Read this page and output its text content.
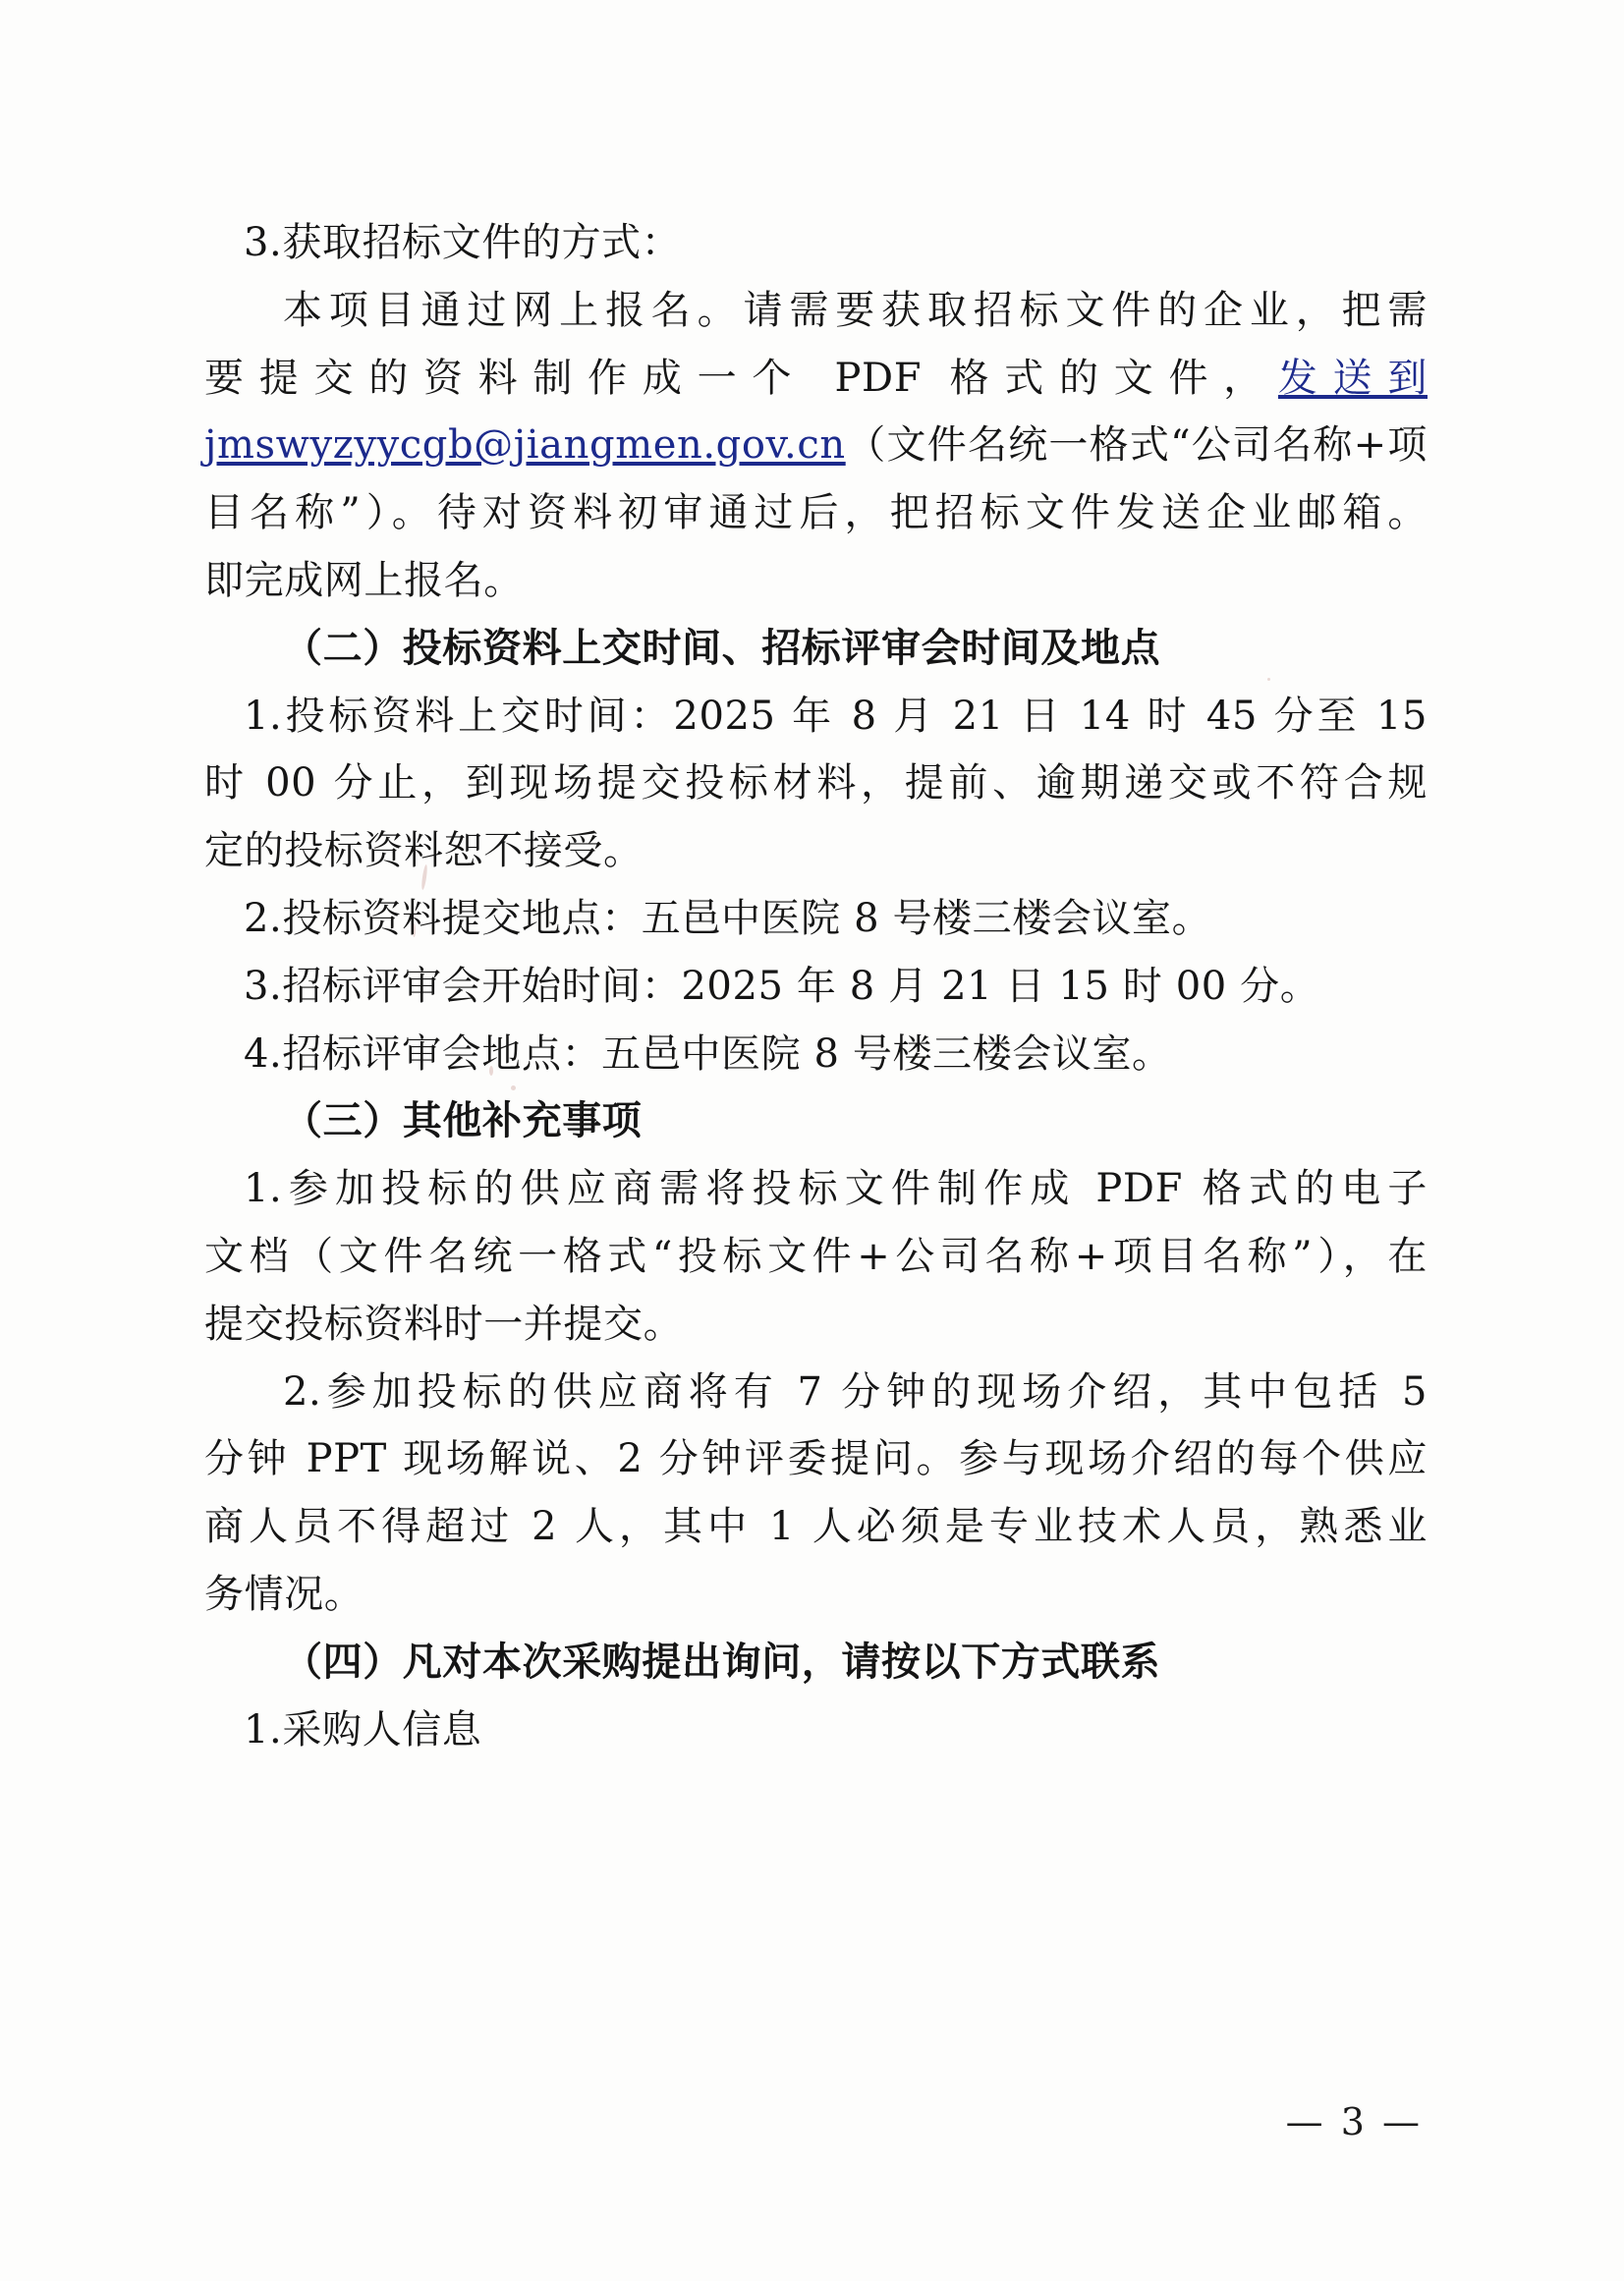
3.获取招标文件的方式：

本项目通过网上报名。请需要获取招标文件的企业，把需

要提交的资料制作成一个 PDF 格式的文件，发送到

jmswyzyycgb@jiangmen.gov.cn（文件名统一格式“公司名称+项

目名称”）。待对资料初审通过后，把招标文件发送企业邮箱。

即完成网上报名。

（二）投标资料上交时间、招标评审会时间及地点

1.投标资料上交时间：2025 年 8 月 21 日 14 时 45 分至 15

时 00 分止，到现场提交投标材料，提前、逾期递交或不符合规

定的投标资料恕不接受。

2.投标资料提交地点：五邑中医院 8 号楼三楼会议室。

3.招标评审会开始时间：2025 年 8 月 21 日 15 时 00 分。

4.招标评审会地点：五邑中医院 8 号楼三楼会议室。

（三）其他补充事项

1.参加投标的供应商需将投标文件制作成 PDF 格式的电子

文档（文件名统一格式“投标文件+公司名称+项目名称”），在

提交投标资料时一并提交。

2.参加投标的供应商将有 7 分钟的现场介绍，其中包括 5

分钟 PPT 现场解说、2 分钟评委提问。参与现场介绍的每个供应

商人员不得超过 2 人，其中 1 人必须是专业技术人员，熟悉业

务情况。

（四）凡对本次采购提出询问，请按以下方式联系

1.采购人信息

— 3 —
